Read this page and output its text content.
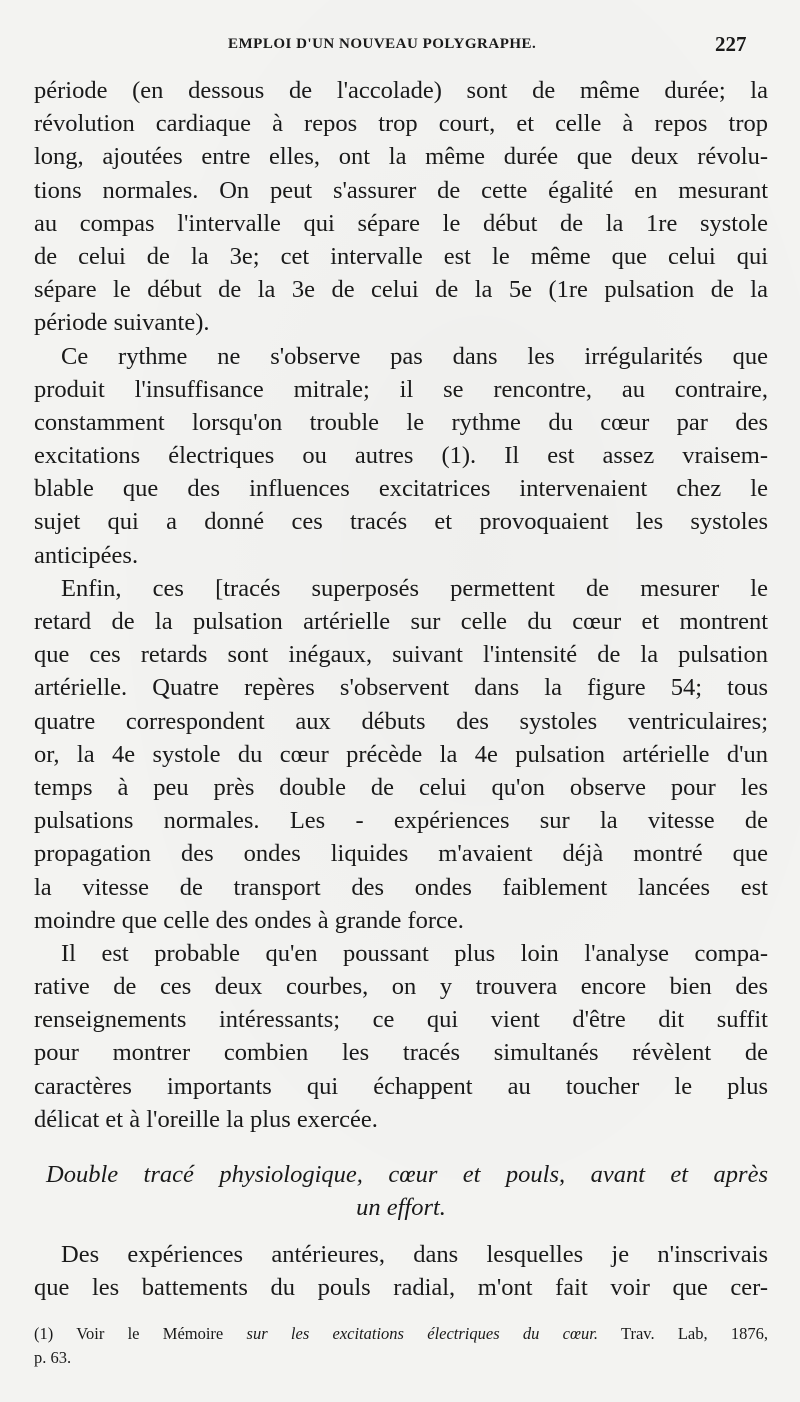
EMPLOI D'UN NOUVEAU POLYGRAPHE.	227
période (en dessous de l'accolade) sont de même durée; la
révolution cardiaque à repos trop court, et celle à repos trop
long, ajoutées entre elles, ont la même durée que deux révolu-
tions normales. On peut s'assurer de cette égalité en mesurant
au compas l'intervalle qui sépare le début de la 1re systole
de celui de la 3e; cet intervalle est le même que celui qui
sépare le début de la 3e de celui de la 5e (1re pulsation de la
période suivante).
Ce rythme ne s'observe pas dans les irrégularités que
produit l'insuffisance mitrale; il se rencontre, au contraire,
constamment lorsqu'on trouble le rythme du cœur par des
excitations électriques ou autres (1). Il est assez vraisem-
blable que des influences excitatrices intervenaient chez le
sujet qui a donné ces tracés et provoquaient les systoles
anticipées.
Enfin, ces [tracés superposés permettent de mesurer le
retard de la pulsation artérielle sur celle du cœur et montrent
que ces retards sont inégaux, suivant l'intensité de la pulsation
artérielle. Quatre repères s'observent dans la figure 54; tous
quatre correspondent aux débuts des systoles ventriculaires;
or, la 4e systole du cœur précède la 4e pulsation artérielle d'un
temps à peu près double de celui qu'on observe pour les
pulsations normales. Les - expériences sur la vitesse de
propagation des ondes liquides m'avaient déjà montré que
la vitesse de transport des ondes faiblement lancées est
moindre que celle des ondes à grande force.
Il est probable qu'en poussant plus loin l'analyse compa-
rative de ces deux courbes, on y trouvera encore bien des
renseignements intéressants; ce qui vient d'être dit suffit
pour montrer combien les tracés simultanés révèlent de
caractères importants qui échappent au toucher le plus
délicat et à l'oreille la plus exercée.
Double tracé physiologique, cœur et pouls, avant et après
un effort.
Des expériences antérieures, dans lesquelles je n'inscrivais
que les battements du pouls radial, m'ont fait voir que cer-
(1) Voir le Mémoire sur les excitations électriques du cœur. Trav. Lab, 1876,
p. 63.
